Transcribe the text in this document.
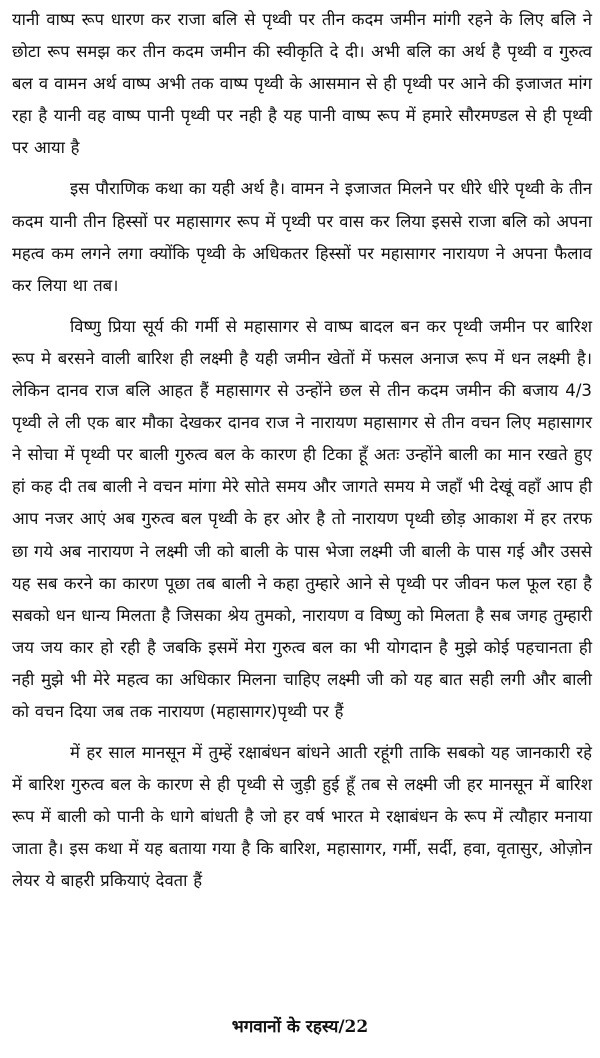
यानी वाष्प रूप धारण कर राजा बलि से पृथ्वी पर तीन कदम जमीन मांगी रहने के लिए बलि ने छोटा रूप समझ कर तीन कदम जमीन की स्वीकृति दे दी। अभी बलि का अर्थ है पृथ्वी व गुरुत्व बल व वामन अर्थ वाष्प अभी तक वाष्प पृथ्वी के आसमान से ही पृथ्वी पर आने की इजाजत मांग रहा है यानी वह वाष्प पानी पृथ्वी पर नही है यह पानी वाष्प रूप में हमारे सौरमण्डल से ही पृथ्वी पर आया है

इस पौराणिक कथा का यही अर्थ है। वामन ने इजाजत मिलने पर धीरे धीरे पृथ्वी के तीन कदम यानी तीन हिस्सों पर महासागर रूप में पृथ्वी पर वास कर लिया इससे राजा बलि को अपना महत्व कम लगने लगा क्योंकि पृथ्वी के अधिकतर हिस्सों पर महासागर नारायण ने अपना फैलाव कर लिया था तब।

विष्णु प्रिया सूर्य की गर्मी से महासागर से वाष्प बादल बन कर पृथ्वी जमीन पर बारिश रूप मे बरसने वाली बारिश ही लक्ष्मी है यही जमीन खेतों में फसल अनाज रूप में धन लक्ष्मी है। लेकिन दानव राज बलि आहत हैं महासागर से उन्होंने छल से तीन कदम जमीन की बजाय 4/3 पृथ्वी ले ली एक बार मौका देखकर दानव राज ने नारायण महासागर से तीन वचन लिए महासागर ने सोचा में पृथ्वी पर बाली गुरुत्व बल के कारण ही टिका हूँ अतः उन्होंने बाली का मान रखते हुए हां कह दी तब बाली ने वचन मांगा मेरे सोते समय और जागते समय मे जहाँ भी देखूं वहाँ आप ही आप नजर आएं अब गुरुत्व बल पृथ्वी के हर ओर है तो नारायण पृथ्वी छोड़ आकाश में हर तरफ छा गये अब नारायण ने लक्ष्मी जी को बाली के पास भेजा लक्ष्मी जी बाली के पास गई और उससे यह सब करने का कारण पूछा तब बाली ने कहा तुम्हारे आने से पृथ्वी पर जीवन फल फूल रहा है सबको धन धान्य मिलता है जिसका श्रेय तुमको, नारायण व विष्णु को मिलता है सब जगह तुम्हारी जय जय कार हो रही है जबकि इसमें मेरा गुरुत्व बल का भी योगदान है मुझे कोई पहचानता ही नही मुझे भी मेरे महत्व का अधिकार मिलना चाहिए लक्ष्मी जी को यह बात सही लगी और बाली को वचन दिया जब तक नारायण (महासागर)पृथ्वी पर हैं

में हर साल मानसून में तुम्हें रक्षाबंधन बांधने आती रहूंगी ताकि सबको यह जानकारी रहे में बारिश गुरुत्व बल के कारण से ही पृथ्वी से जुड़ी हुई हूँ तब से लक्ष्मी जी हर मानसून में बारिश रूप में बाली को पानी के धागे बांधती है जो हर वर्ष भारत मे रक्षाबंधन के रूप में त्यौहार मनाया जाता है। इस कथा में यह बताया गया है कि बारिश, महासागर, गर्मी, सर्दी, हवा, वृतासुर, ओज़ोन लेयर ये बाहरी प्रकियाएं देवता हैं

भगवानों के रहस्य/22
